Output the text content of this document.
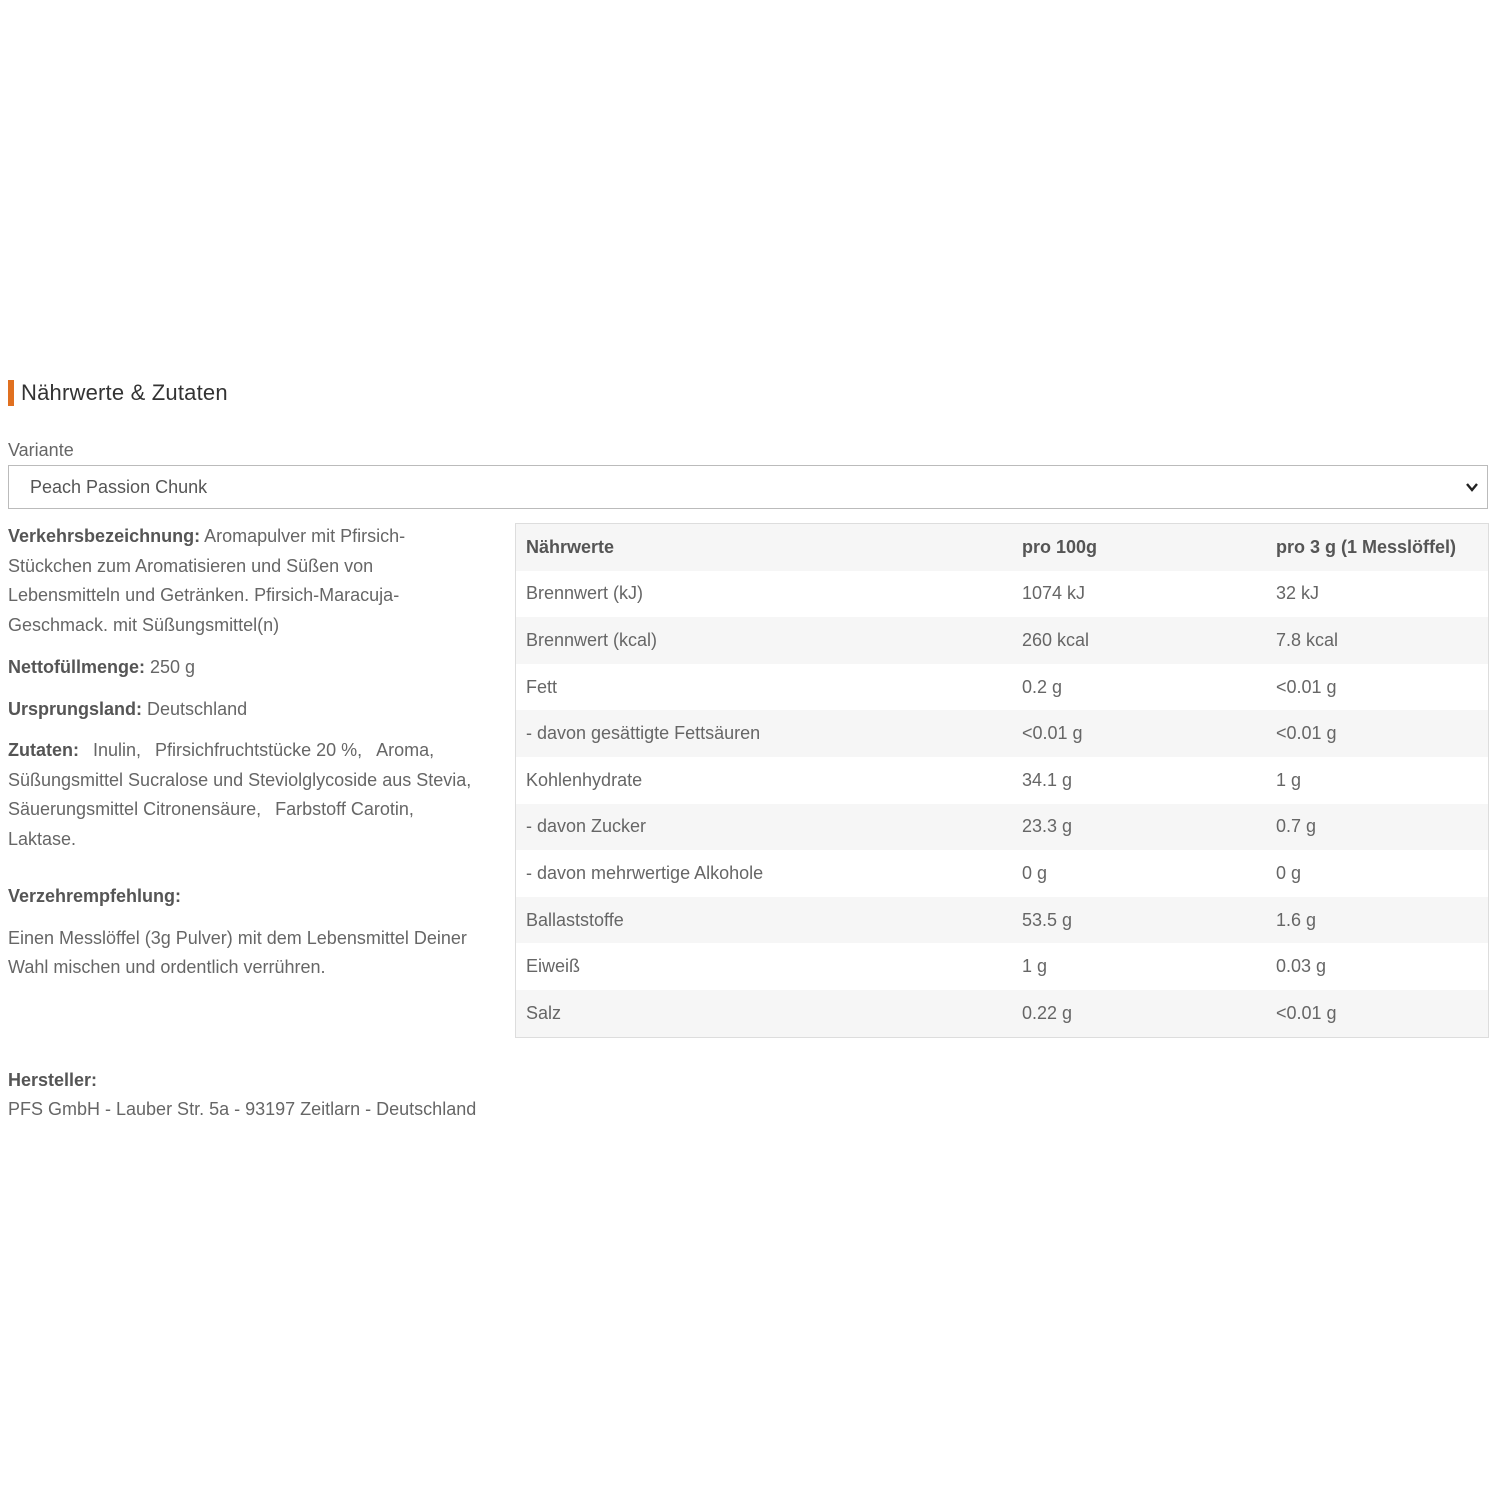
Nährwerte & Zutaten
Variante
Peach Passion Chunk

Verkehrsbezeichnung: Aromapulver mit Pfirsich-Stückchen zum Aromatisieren und Süßen von Lebensmitteln und Getränken. Pfirsich-Maracuja-Geschmack. mit Süßungsmittel(n)

Nettofüllmenge: 250 g

Ursprungsland: Deutschland

Zutaten: Inulin, Pfirsichfruchtstücke 20 %, Aroma, Süßungsmittel Sucralose und Steviolglycoside aus Stevia,
Säuerungsmittel Citronensäure, Farbstoff Carotin, Laktase.

Verzehrempfehlung:

Einen Messlöffel (3g Pulver) mit dem Lebensmittel Deiner Wahl mischen und ordentlich verrühren.

Nährwerte	pro 100g	pro 3 g (1 Messlöffel)
Brennwert (kJ)	1074 kJ	32 kJ
Brennwert (kcal)	260 kcal	7.8 kcal
Fett	0.2 g	<0.01 g
- davon gesättigte Fettsäuren	<0.01 g	<0.01 g
Kohlenhydrate	34.1 g	1 g
- davon Zucker	23.3 g	0.7 g
- davon mehrwertige Alkohole	0 g	0 g
Ballaststoffe	53.5 g	1.6 g
Eiweiß	1 g	0.03 g
Salz	0.22 g	<0.01 g
Hersteller:
PFS GmbH - Lauber Str. 5a - 93197 Zeitlarn - Deutschland
